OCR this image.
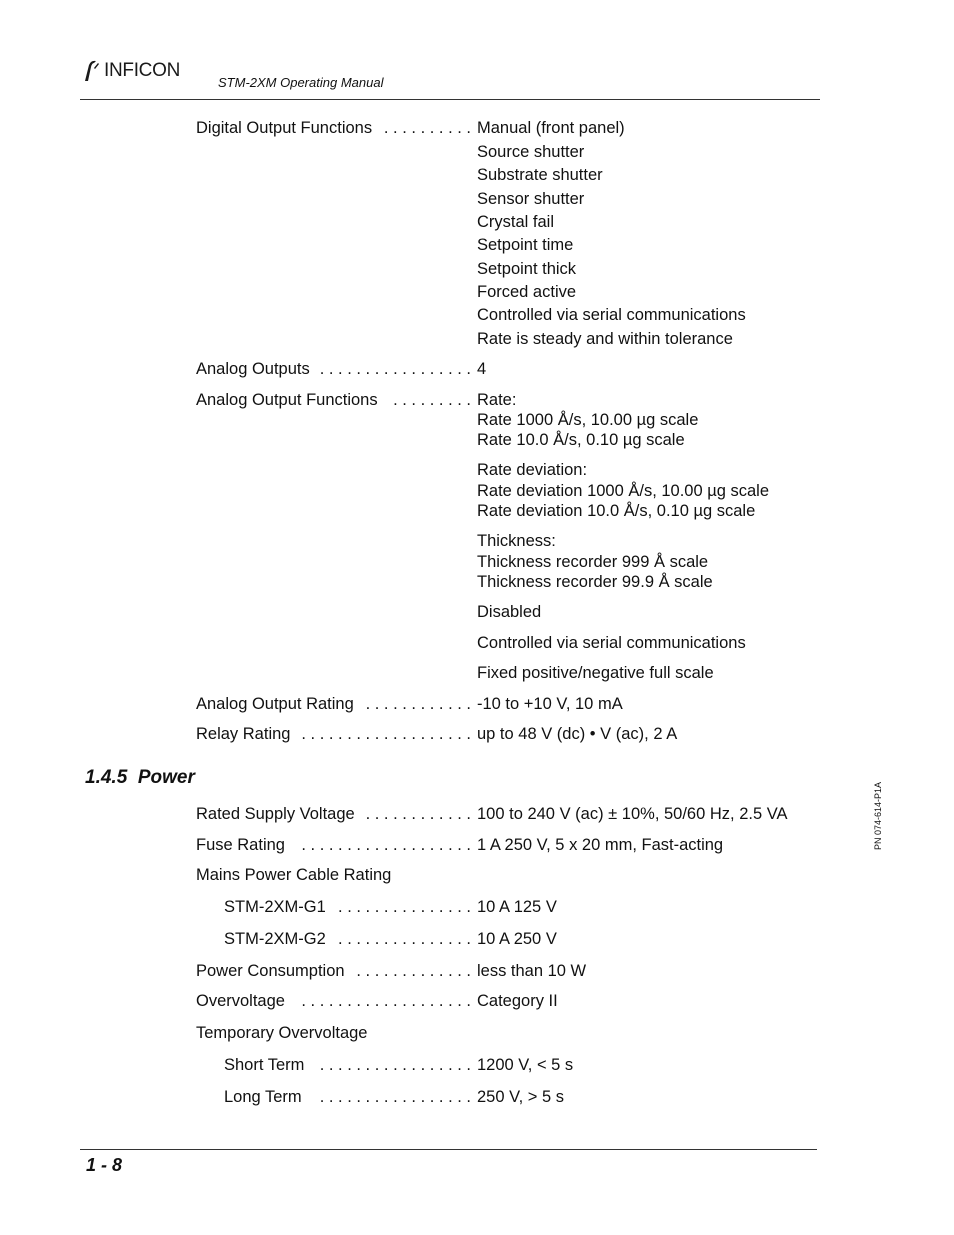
INFICON
STM-2XM Operating Manual
Digital Output Functions . . . . . . . . . . Manual (front panel)
Source shutter
Substrate shutter
Sensor shutter
Crystal fail
Setpoint time
Setpoint thick
Forced active
Controlled via serial communications
Rate is steady and within tolerance
Analog Outputs . . . . . . . . . . . . . . . . . 4
Analog Output Functions . . . . . . . . . Rate:
Rate 1000 Å/s, 10.00 µg scale
Rate 10.0 Å/s, 0.10 µg scale
Rate deviation:
Rate deviation 1000 Å/s, 10.00 µg scale
Rate deviation 10.0 Å/s, 0.10 µg scale
Thickness:
Thickness recorder 999 Å scale
Thickness recorder 99.9 Å scale
Disabled
Controlled via serial communications
Fixed positive/negative full scale
Analog Output Rating . . . . . . . . . . . . -10 to +10 V, 10 mA
Relay Rating . . . . . . . . . . . . . . . . . . . up to 48 V (dc) • V (ac), 2 A
1.4.5 Power
Rated Supply Voltage . . . . . . . . . . . . 100 to 240 V (ac) ± 10%, 50/60 Hz, 2.5 VA
Fuse Rating . . . . . . . . . . . . . . . . . . . 1 A 250 V, 5 x 20 mm, Fast-acting
Mains Power Cable Rating
STM-2XM-G1 . . . . . . . . . . . . . . . 10 A 125 V
STM-2XM-G2 . . . . . . . . . . . . . . . 10 A 250 V
Power Consumption . . . . . . . . . . . . . less than 10 W
Overvoltage . . . . . . . . . . . . . . . . . . . Category II
Temporary Overvoltage
Short Term . . . . . . . . . . . . . . . . . 1200 V, < 5 s
Long Term . . . . . . . . . . . . . . . . . 250 V, > 5 s
PN 074-614-P1A
1 - 8
